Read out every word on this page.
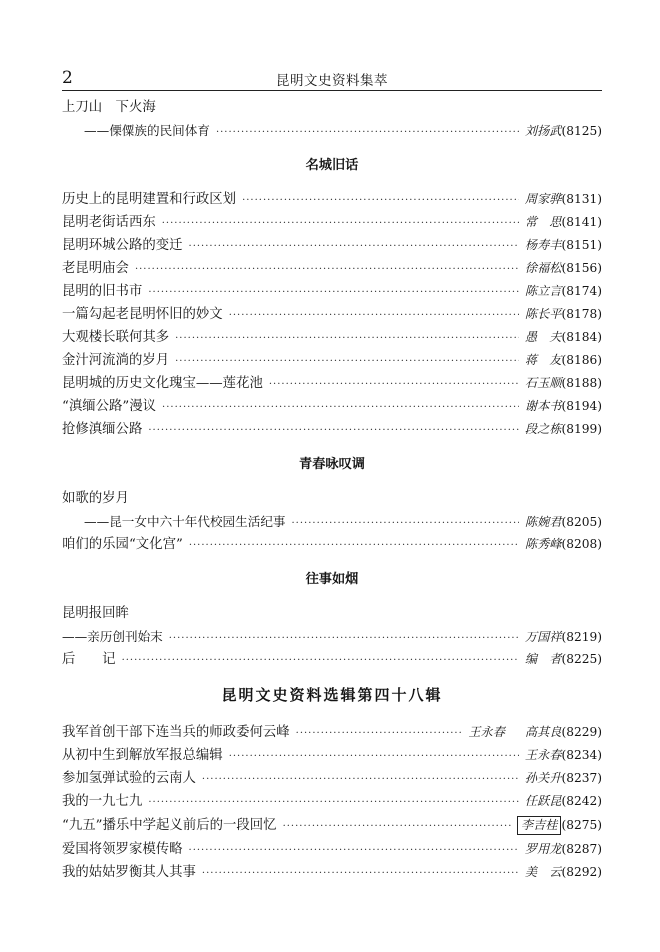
2	昆明文史资料集萃
上刀山　下火海
——傈僳族的民间体育 ·····	刘扬武 (8125)
名城旧话
历史上的昆明建置和行政区划 ·····	周家骅 (8131)
昆明老街话西东 ·····	常　思 (8141)
昆明环城公路的变迁 ·····	杨寿丰 (8151)
老昆明庙会 ·····	徐福松 (8156)
昆明的旧书市 ·····	陈立言 (8174)
一篇勾起老昆明怀旧的妙文 ·····	陈长平 (8178)
大观楼长联何其多 ·····	愚　夫 (8184)
金汁河流淌的岁月 ·····	蒋　友 (8186)
昆明城的历史文化瑰宝——莲花池 ·····	石玉顺 (8188)
“滇缅公路”漫议 ·····	谢本书 (8194)
抢修滇缅公路 ·····	段之栋 (8199)
青春咏叹调
如歌的岁月
——昆一女中六十年代校园生活纪事 ·····	陈婉君 (8205)
咱们的乐园“文化宫” ·····	陈秀峰 (8208)
往事如烟
昆明报回眸
——亲历创刊始末 ·····	万国祥 (8219)
后　　记 ·····	编　者 (8225)
昆明文史资料选辑第四十八辑
我军首创干部下连当兵的师政委何云峰 ·····	王永春 高其良 (8229)
从初中生到解放军报总编辑 ·····	王永春 (8234)
参加氢弹试验的云南人 ·····	孙关升 (8237)
我的一九七九 ·····	任跃昆 (8242)
“九五”播乐中学起义前后的一段回忆 ·····	李吉桂 (8275)
爱国将领罗家模传略 ·····	罗用龙 (8287)
我的姑姑罗衡其人其事 ·····	美　云 (8292)
